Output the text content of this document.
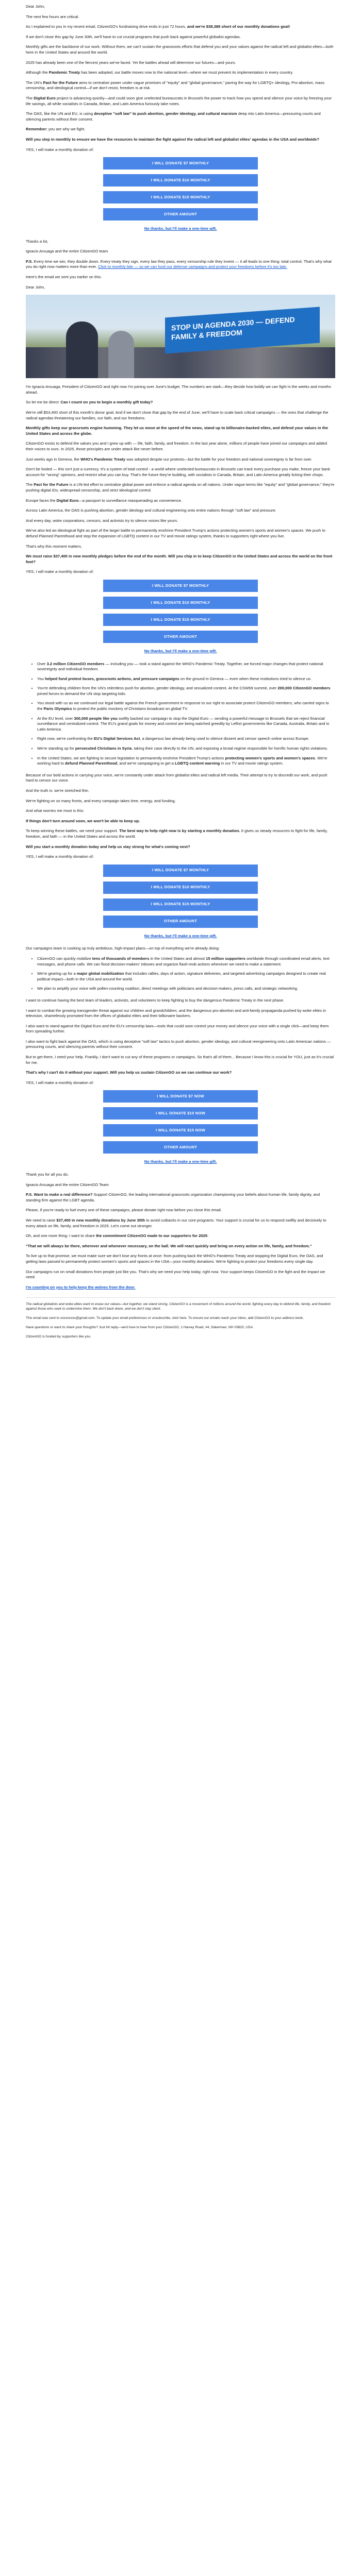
Dear John,

The next few hours are critical.

As I explained to you in my recent email, CitizenGO's fundraising drive ends in just 72 hours, and we're $38,388 short of our monthly donations goal!

If we don't close this gap by June 30th, we'll have to cut crucial programs that push back against powerful globalist agendas.

Monthly gifts are the backbone of our work. Without them, we can't sustain the grassroots efforts that defend you and your values against the radical left and globalist elites—both here in the United States and around the world.

2025 has already been one of the fiercest years we've faced. Yet the battles ahead will determine our futures—and yours.

Although the Pandemic Treaty has been adopted, our battle moves now to the national level—where we must prevent its implementation in every country.

The UN's Pact for the Future aims to centralize power under vague promises of "equity" and "global governance," paving the way for LGBTQ+ ideology, Pro-abortion, mass censorship, and ideological control—if we don't resist, freedom is at risk.

The Digital Euro project is advancing quickly—and could soon give unelected bureaucrats in Brussels the power to track how you spend and silence your voice by freezing your life savings, all while socialists in Canada, Britain, and Latin America furiously take notes.

The OAS, like the UN and EU, is using deceptive "soft law" to push abortion, gender ideology, and cultural marxism deep into Latin America—pressuring courts and silencing parents without their consent.

Remember: you are why we fight.

Will you step in monthly to ensure we have the resources to maintain the fight against the radical left and globalist elites' agendas in the USA and worldwide?

YES, I will make a monthly donation of:

I WILL DONATE $7 MONTHLY
I WILL DONATE $10 MONTHLY
I WILL DONATE $15 MONTHLY
OTHER AMOUNT
No thanks, but I'll make a one-time gift.

Thanks a lot,

Ignacio Arsuaga and the entire CitizenGO team

P.S. Every time we win, they double down. Every treaty they sign, every law they pass, every censorship rule they invent — it all leads to one thing: total control. That's why what you do right now matters more than ever. Click to monthly bite — so we can fund our defense campaigns and protect your freedoms before it's too late.

Here's the email we sent you earlier on this:

Dear John,

STOP UN AGENDA 2030 — DEFEND FAMILY & FREEDOM

I'm Ignacio Arsuaga, President of CitizenGO and right now I'm joining over June's budget. The numbers are stark—they decide how boldly we can fight in the weeks and months ahead.

So let me be direct: Can I count on you to begin a monthly gift today?

We're still $53,400 short of this month's donor goal. And if we don't close that gap by the end of June, we'll have to scale back critical campaigns — the ones that challenge the radical agendas threatening our families, our faith, and our freedoms.

Monthly gifts keep our grassroots engine humming. They let us move at the speed of the news, stand up to billionaire-backed elites, and defend your values in the United States and across the globe.

CitizenGO exists to defend the values you and I grew up with — life, faith, family, and freedom. In the last year alone, millions of people have joined our campaigns and added their voices to ours. In 2025, those principles are under attack like never before.

Just weeks ago in Geneva, the WHO's Pandemic Treaty was adopted despite our protests—but the battle for your freedom and national sovereignty is far from over.

Don't be fooled — this isn't just a currency. It's a system of total control - a world where unelected bureaucrats in Brussels can track every purchase you make, freeze your bank account for "wrong" opinions, and restrict what you can buy. That's the future they're building, with socialists in Canada, Britain, and Latin America greatly licking their chops.

The Pact for the Future is a UN-led effort to centralize global power and enforce a radical agenda on all nations. Under vague terms like "equity" and "global governance," they're pushing digital IDs, widespread censorship, and strict ideological control.

Europe faces the Digital Euro—a passport to surveillance masquerading as convenience.

Across Latin America, the OAS is pushing abortion, gender ideology and cultural engineering onto entire nations through "soft law" and pressure.

And every day, woke corporations, censors, and activists try to silence voices like yours.

We've also led an ideological fight as part of the larger battle to permanently enshrine President Trump's actions protecting women's sports and women's spaces. We push to defund Planned Parenthood and stop the expansion of LGBTQ content in our TV and movie ratings system, thanks to supporters right where you live.

That's why this moment matters.

We must raise $37,400 in new monthly pledges before the end of the month. Will you chip in to keep CitizenGO in the United States and across the world on the front foot?

YES, I will make a monthly donation of:

I WILL DONATE $7 MONTHLY
I WILL DONATE $10 MONTHLY
I WILL DONATE $15 MONTHLY
OTHER AMOUNT
No thanks, but I'll make a one-time gift.
• Over 3.2 million CitizenGO members — including you — took a stand against the WHO's Pandemic Treaty. Together, we forced major changes that protect national sovereignty and individual freedom.
• You helped fund protest buses, grassroots actions, and pressure campaigns on the ground in Geneva — even when these institutions tried to silence us.
• You're defending children from the UN's relentless push for abortion, gender ideology, and sexualized content. At the CSW69 summit, over 200,000 CitizenGO members joined forces to demand the UN stop targeting kids.
• You stood with us as we continued our legal battle against the French government in response to our right to associate protect CitizenGO members, who carried signs to the Paris Olympics to protest the public mockery of Christians broadcast on global TV.
• At the EU level, over 300,000 people like you swiftly backed our campaign to stop the Digital Euro — sending a powerful message to Brussels that we reject financial surveillance and centralized control. The EU's grand goals for money and control are being watched greedily by Leftist governments like Canada, Australia, Britain and in Latin America.
• Right now, we're confronting the EU's Digital Services Act, a dangerous law already being used to silence dissent and censor speech online across Europe.
• We're standing up for persecuted Christians in Syria, taking their case directly to the UN, and exposing a brutal regime responsible for horrific human rights violations.
• In the United States, we are fighting to secure legislation to permanently enshrine President Trump's actions protecting women's sports and women's spaces. We're working hard to defund Planned Parenthood, and we're campaigning to get a LGBTQ content warning in our TV and movie ratings system.

Because of our bold actions in carrying your voice, we're constantly under attack from globalist elites and radical left media. Their attempt to try to discredit our work, and push hard to censor our voice.

And the truth is: we're stretched thin.

We're fighting on so many fronts, and every campaign takes time, energy, and funding.

And what worries me most is this:

If things don't turn around soon, we won't be able to keep up.

To keep winning these battles, we need your support. The best way to help right now is by starting a monthly donation. It gives us steady resources to fight for life, family, freedom, and faith — in the United States and across the world.

Will you start a monthly donation today and help us stay strong for what's coming next?

YES, I will make a monthly donation of:

I WILL DONATE $7 MONTHLY
I WILL DONATE $10 MONTHLY
I WILL DONATE $15 MONTHLY
OTHER AMOUNT
No thanks, but I'll make a one-time gift.

Our campaigns team is cooking up truly ambitious, high-impact plans—on top of everything we're already doing:

• CitizenGO can quickly mobilize tens of thousands of members in the United States and almost 15 million supporters worldwide through coordinated email alerts, text messages, and phone calls. We can flood decision-makers' inboxes and organize flash-mob actions whenever we need to make a statement.
• We're gearing up for a major global mobilization that includes rallies, days of action, signature deliveries, and targeted advertising campaigns designed to create real political impact—both in the USA and around the world.
• We plan to amplify your voice with pollen-counting coalition, direct meetings with politicians and decision-makers, press calls, and strategic networking.

I want to continue having the best team of leaders, activists, and volunteers to keep fighting to buy the dangerous Pandemic Treaty in the next phase.

I want to combat the growing transgender threat against our children and grandchildren, and the dangerous pro-abortion and anti-family propaganda pushed by woke elites in television, shamelessly promoted from the offices of globalist elites and their billionaire backers.

I also want to stand against the Digital Euro and the EU's censorship laws—tools that could soon control your money and silence your voice with a single click—and keep them from spreading further.

I also want to fight back against the OAS, which is using deceptive "soft law" tactics to push abortion, gender ideology, and cultural reengineering onto Latin American nations — pressuring courts, and silencing parents without their consent.

But to get there, I need your help. Frankly, I don't want to cut any of these programs or campaigns. So that's all of them... Because I know this is crucial for YOU, just as it's crucial for me.

That's why I can't do it without your support. Will you help us sustain CitizenGO so we can continue our work?

YES, I will make a monthly donation of:

I WILL DONATE $7 NOW
I WILL DONATE $10 NOW
I WILL DONATE $15 NOW
OTHER AMOUNT
No thanks, but I'll make a one-time gift.

Thank you for all you do.

Ignacio Arsuaga and the entire CitizenGO Team

P.S. Want to make a real difference? Support CitizenGO, the leading international grassroots organization championing your beliefs about human life, family dignity, and standing firm against the LGBT agenda.

Please, if you're ready to fuel every one of these campaigns, please donate right now before you close this email.

We need to raise $37,400 in new monthly donations by June 30th to avoid cutbacks in our core programs. Your support is crucial for us to respond swiftly and decisively to every attack on life, family, and freedom in 2025. Let's come out stronger.

Oh, and one more thing: I want to share the commitment CitizenGO made to our supporters for 2025:

"That we will always be there, wherever and whenever necessary, on the ball. We will react quickly and bring on every action on life, family, and freedom."

To live up to that promise, we must make sure we don't lose any fronts at once: from pushing back the WHO's Pandemic Treaty and stopping the Digital Euro, the OAS, and getting laws passed to permanently protect women's sports and spaces in the USA—your monthly donations. We're fighting to protect your freedoms every single day.

Our campaigns run on small donations from people just like you. That's why we need your help today, right now. Your support keeps CitizenGO in the fight and the impact we need.

I'm counting on you to help keep the wolves from the door.

The radical globalists and woke elites want to erase our values—but together, we stand strong. CitizenGO is a movement of millions around the world, fighting every day to defend life, family, and freedom against those who seek to undermine them. We don't back down, and we don't stay silent.

This email was sent to xxxxxxxxx@gmail.com. To update your email preferences or unsubscribe, click here. To ensure our emails reach your inbox, add CitizenGO to your address book.

Have questions or want to share your thoughts? Just hit reply—we'd love to hear from you! CitizenGO, 1 Harvey Road, #4, Sdeerman, NH 03820, USA.

CitizenGO is funded by supporters like you.
